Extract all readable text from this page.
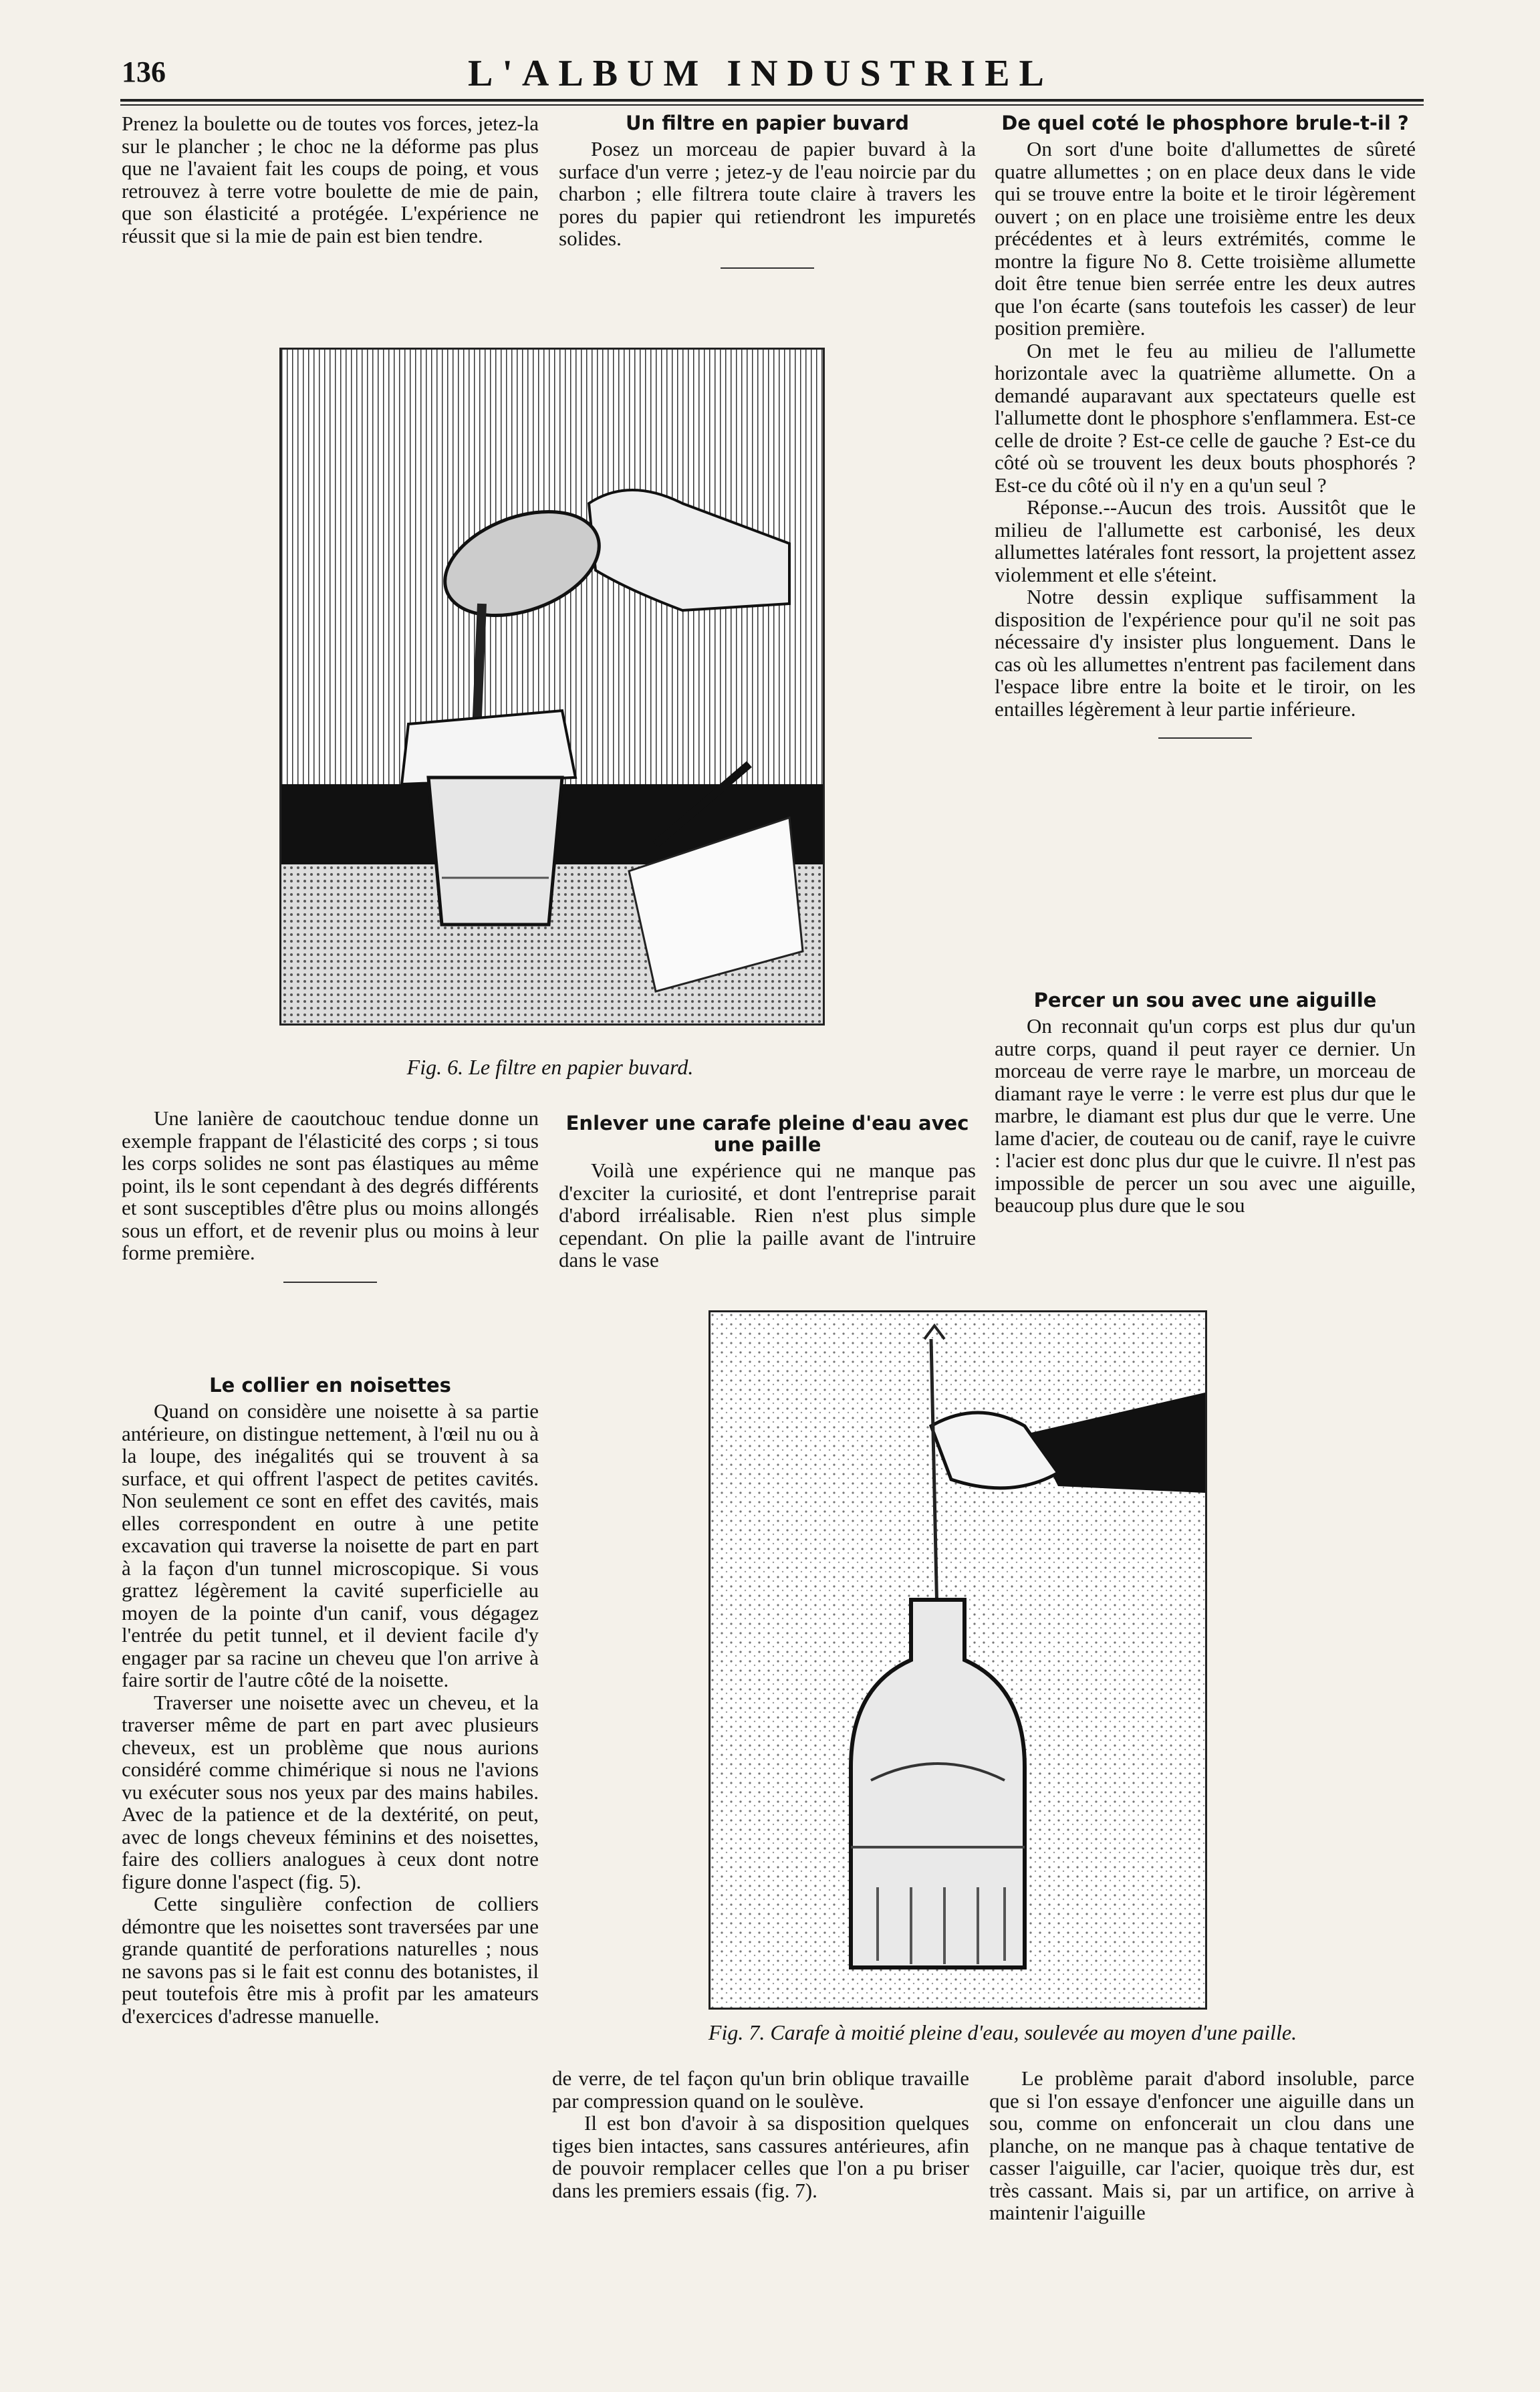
136	L'ALBUM INDUSTRIEL

Prenez la boulette ou de toutes vos forces, jetez-la sur le plancher ; le choc ne la déforme pas plus que ne l'avaient fait les coups de poing, et vous retrouvez à terre votre boulette de mie de pain, que son élasticité a protégée. L'expérience ne réussit que si la mie de pain est bien tendre.

Un filtre en papier buvard

Posez un morceau de papier buvard à la surface d'un verre ; jetez-y de l'eau noircie par du charbon ; elle filtrera toute claire à travers les pores du papier qui retiendront les impuretés solides.

De quel coté le phosphore brule-t-il ?

On sort d'une boite d'allumettes de sûreté quatre allumettes ; on en place deux dans le vide qui se trouve entre la boite et le tiroir légèrement ouvert ; on en place une troisième entre les deux précédentes et à leurs extrémités, comme le montre la figure No 8. Cette troisième allumette doit être tenue bien serrée entre les deux autres que l'on écarte (sans toutefois les casser) de leur position première.

On met le feu au milieu de l'allumette horizontale avec la quatrième allumette. On a demandé auparavant aux spectateurs quelle est l'allumette dont le phosphore s'enflammera. Est-ce celle de droite ? Est-ce celle de gauche ? Est-ce du côté où se trouvent les deux bouts phosphorés ? Est-ce du côté où il n'y en a qu'un seul ?

Réponse.--Aucun des trois. Aussitôt que le milieu de l'allumette est carbonisé, les deux allumettes latérales font ressort, la projettent assez violemment et elle s'éteint.

Notre dessin explique suffisamment la disposition de l'expérience pour qu'il ne soit pas nécessaire d'y insister plus longuement. Dans le cas où les allumettes n'entrent pas facilement dans l'espace libre entre la boite et le tiroir, on les entailles légèrement à leur partie inférieure.

Fig. 6. Le filtre en papier buvard.
Percer un sou avec une aiguille

On reconnait qu'un corps est plus dur qu'un autre corps, quand il peut rayer ce dernier. Un morceau de verre raye le marbre, un morceau de diamant raye le verre : le verre est plus dur que le marbre, le diamant est plus dur que le verre. Une lame d'acier, de couteau ou de canif, raye le cuivre : l'acier est donc plus dur que le cuivre. Il n'est pas impossible de percer un sou avec une aiguille, beaucoup plus dure que le sou

Une lanière de caoutchouc tendue donne un exemple frappant de l'élasticité des corps ; si tous les corps solides ne sont pas élastiques au même point, ils le sont cependant à des degrés différents et sont susceptibles d'être plus ou moins allongés sous un effort, et de revenir plus ou moins à leur forme première.

Enlever une carafe pleine d'eau avec une paille

Voilà une expérience qui ne manque pas d'exciter la curiosité, et dont l'entreprise parait d'abord irréalisable. Rien n'est plus simple cependant. On plie la paille avant de l'intruire dans le vase

Le collier en noisettes

Quand on considère une noisette à sa partie antérieure, on distingue nettement, à l'œil nu ou à la loupe, des inégalités qui se trouvent à sa surface, et qui offrent l'aspect de petites cavités. Non seulement ce sont en effet des cavités, mais elles correspondent en outre à une petite excavation qui traverse la noisette de part en part à la façon d'un tunnel microscopique. Si vous grattez légèrement la cavité superficielle au moyen de la pointe d'un canif, vous dégagez l'entrée du petit tunnel, et il devient facile d'y engager par sa racine un cheveu que l'on arrive à faire sortir de l'autre côté de la noisette.

Traverser une noisette avec un cheveu, et la traverser même de part en part avec plusieurs cheveux, est un problème que nous aurions considéré comme chimérique si nous ne l'avions vu exécuter sous nos yeux par des mains habiles. Avec de la patience et de la dextérité, on peut, avec de longs cheveux féminins et des noisettes, faire des colliers analogues à ceux dont notre figure donne l'aspect (fig. 5).

Cette singulière confection de colliers démontre que les noisettes sont traversées par une grande quantité de perforations naturelles ; nous ne savons pas si le fait est connu des botanistes, il peut toutefois être mis à profit par les amateurs d'exercices d'adresse manuelle.

Fig. 7. Carafe à moitié pleine d'eau, soulevée au moyen d'une paille.

de verre, de tel façon qu'un brin oblique travaille par compression quand on le soulève.

Il est bon d'avoir à sa disposition quelques tiges bien intactes, sans cassures antérieures, afin de pouvoir remplacer celles que l'on a pu briser dans les premiers essais (fig. 7).

Le problème parait d'abord insoluble, parce que si l'on essaye d'enfoncer une aiguille dans un sou, comme on enfoncerait un clou dans une planche, on ne manque pas à chaque tentative de casser l'aiguille, car l'acier, quoique très dur, est très cassant. Mais si, par un artifice, on arrive à maintenir l'aiguille
